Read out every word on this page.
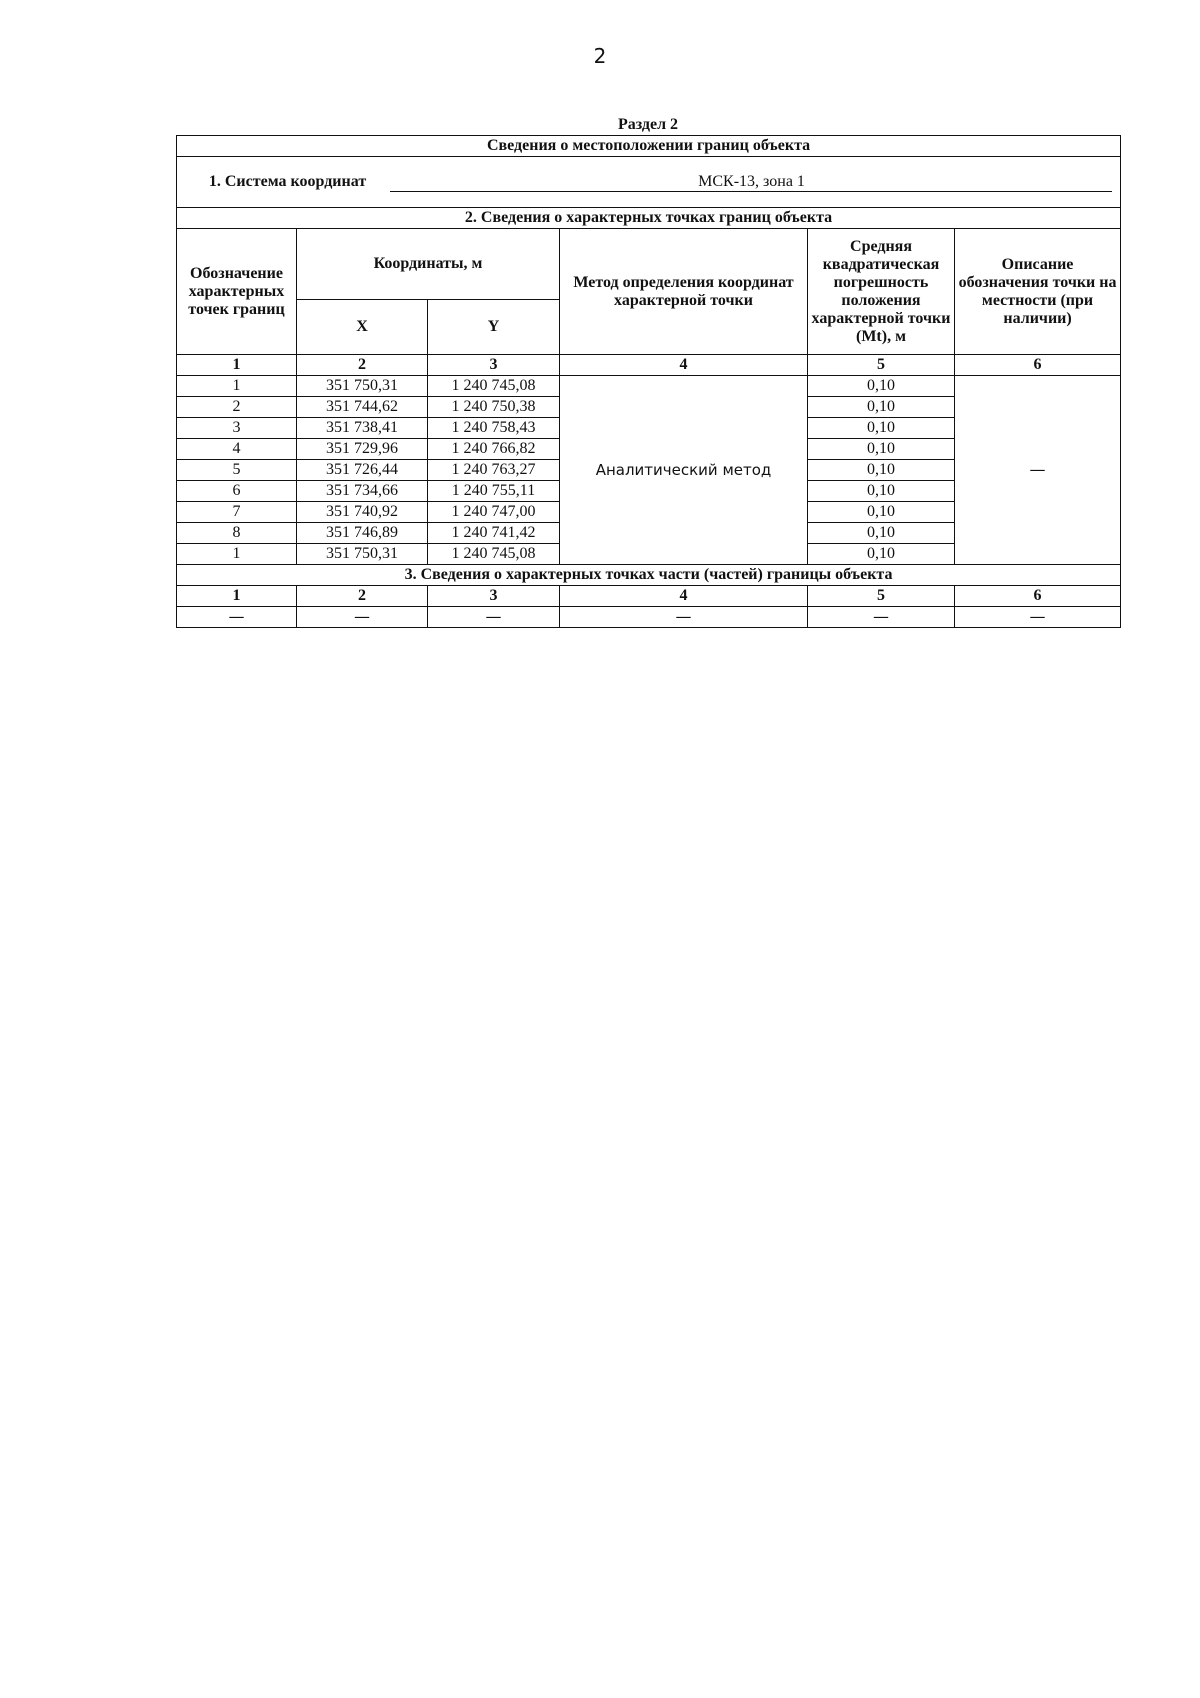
2
Раздел 2
Сведения о местоположении границ объекта					
1. Система координат МСК-13, зона 1					
2. Сведения о характерных точках границ объекта					
Обозначение характерных точек границ	Координаты, м		Метод определения координат характерной точки	Средняя квадратическая погрешность положения характерной точки (Mt), м	Описание обозначения точки на местности (при наличии)
	X	Y			
1	2	3	4	5	6
1	351 750,31	1 240 745,08	Аналитический метод	0,10	—
2	351 744,62	1 240 750,38		0,10	
3	351 738,41	1 240 758,43		0,10	
4	351 729,96	1 240 766,82		0,10	
5	351 726,44	1 240 763,27		0,10	
6	351 734,66	1 240 755,11		0,10	
7	351 740,92	1 240 747,00		0,10	
8	351 746,89	1 240 741,42		0,10	
1	351 750,31	1 240 745,08		0,10	
3. Сведения о характерных точках части (частей) границы объекта					
1	2	3	4	5	6
—	—	—	—	—	—
